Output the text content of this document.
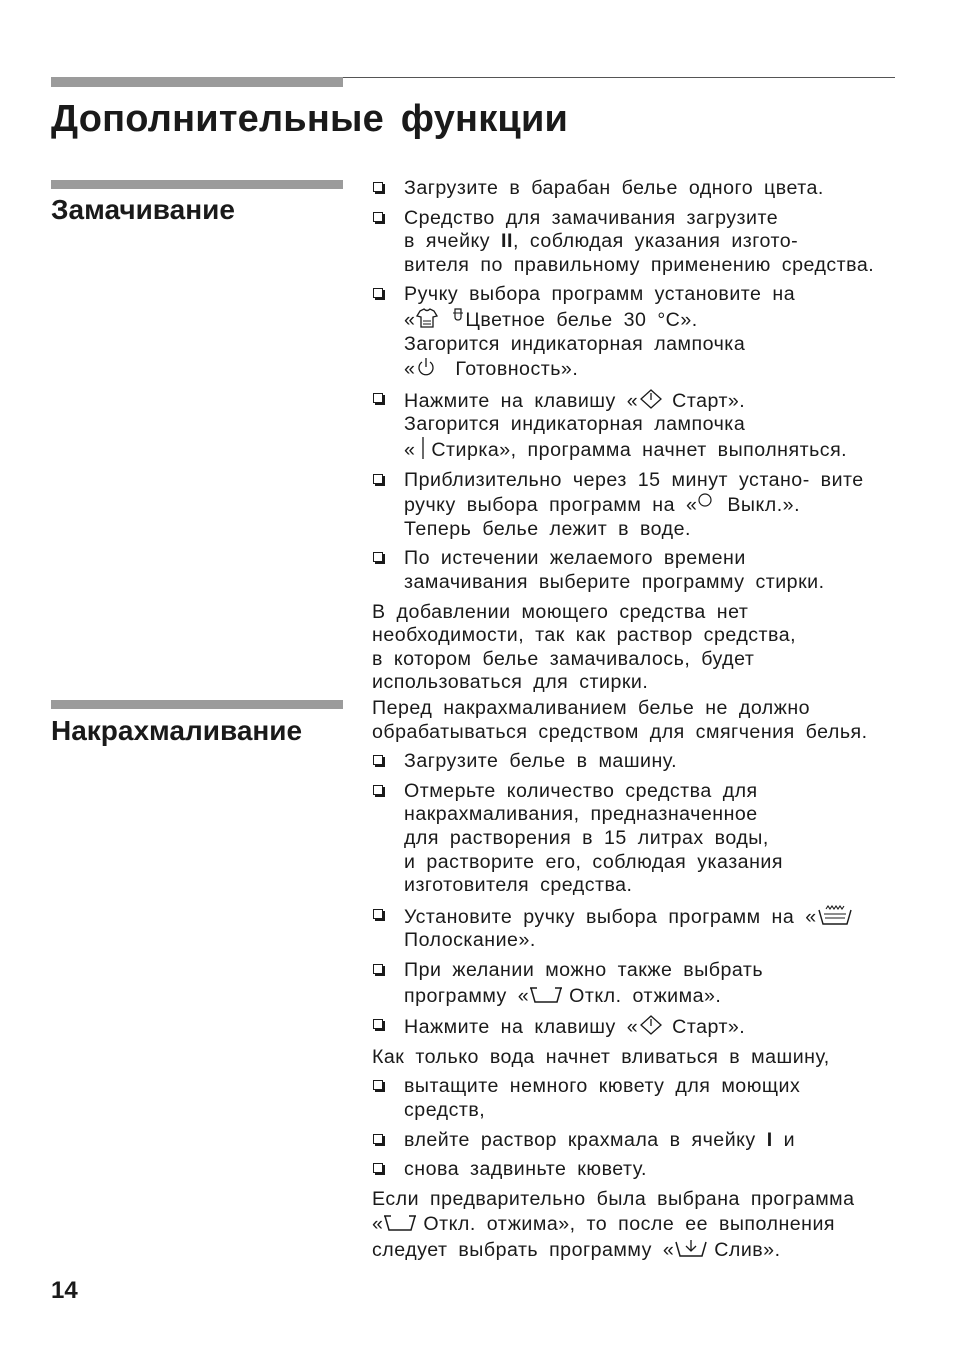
Дополнительные функции
Замачивание
Загрузите в барабан белье одного цвета.
Средство для замачивания загрузите
в ячейку II, соблюдая указания изгото-
вителя по правильному применению средства.
Ручку выбора программ установите на
«	Цветное белье 30 °С».
Загорится индикаторная лампочка
« Готовность».
Нажмите на клавишу « Старт».
Загорится индикаторная лампочка
« Стирка», программа начнет выполняться.
Приблизительно через 15 минут устано- вите
ручку выбора программ на « Выкл.».
Теперь белье лежит в воде.
По истечении желаемого времени
замачивания выберите программу стирки.

В добавлении моющего средства нет
необходимости, так как раствор средства,
в котором белье замачивалось, будет
использоваться для стирки.

Накрахмаливание

Перед накрахмаливанием белье не должно
обрабатываться средством для смягчения белья.

Загрузите белье в машину.
Отмерьте количество средства для
накрахмаливания, предназначенное
для растворения в 15 литрах воды,
и растворите его, соблюдая указания
изготовителя средства.
Установите ручку выбора программ на «
Полоскание».
При желании можно также выбрать
программу « Откл. отжима».
Нажмите на клавишу « Старт».

Как только вода начнет вливаться в машину,

вытащите немного кювету для моющих
средств,
влейте раствор крахмала в ячейку I и
снова задвиньте кювету.

Если предварительно была выбрана программа
« Откл. отжима», то после ее выполнения
следует выбрать программу « Слив».

14
